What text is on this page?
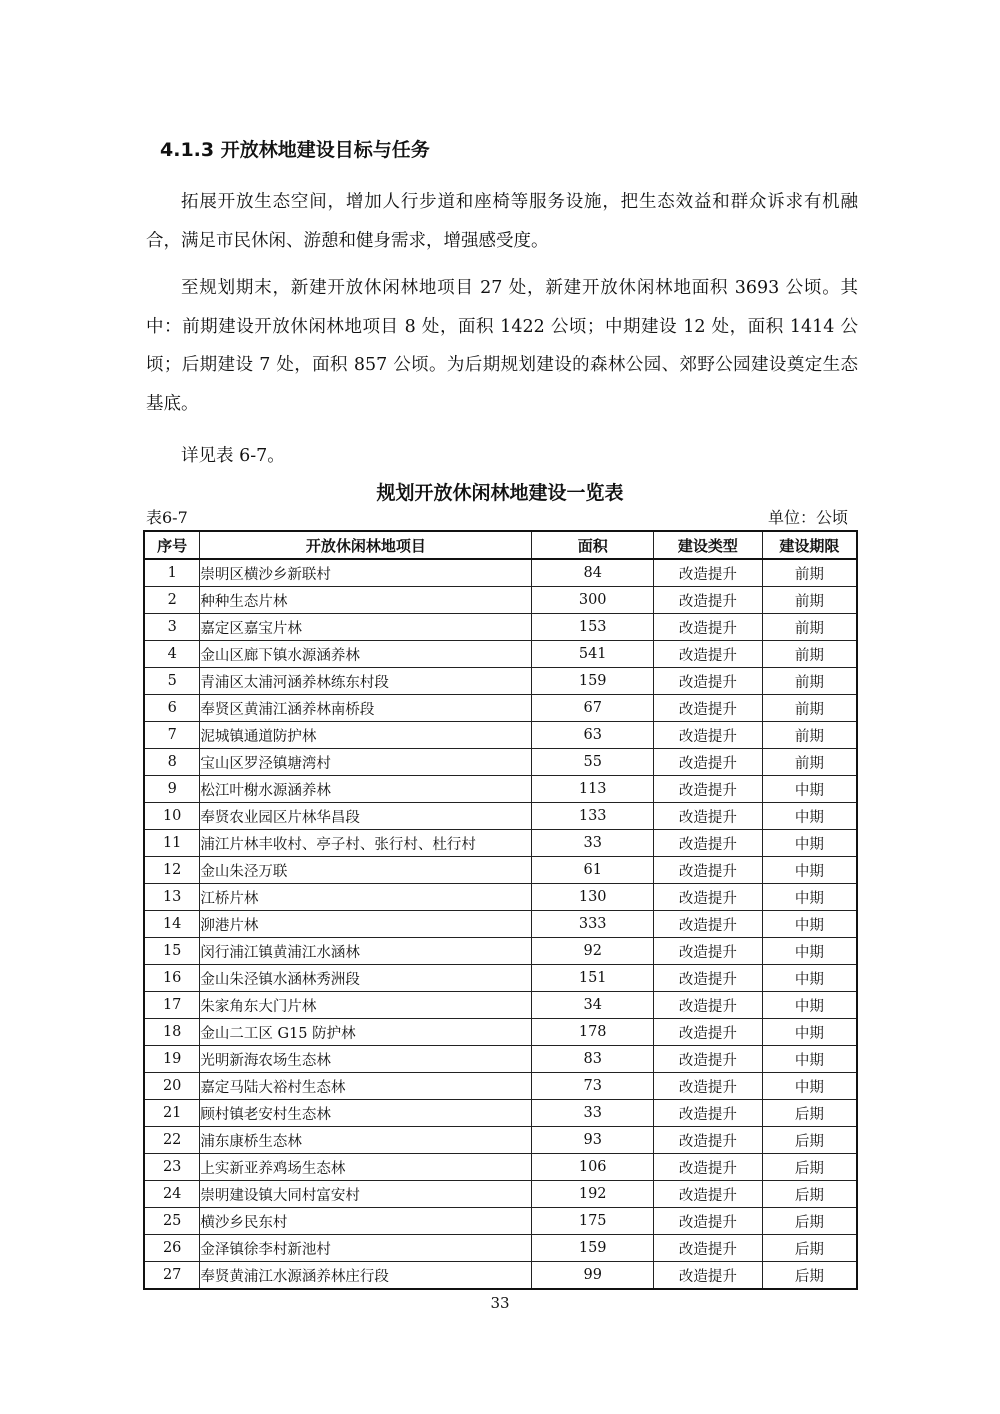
4.1.3 开放林地建设目标与任务

拓展开放生态空间，增加人行步道和座椅等服务设施，把生态效益和群众诉求有机融合，满足市民休闲、游憩和健身需求，增强感受度。

至规划期末，新建开放休闲林地项目 27 处，新建开放休闲林地面积 3693 公顷。其中：前期建设开放休闲林地项目 8 处，面积 1422 公顷；中期建设 12 处，面积 1414 公顷；后期建设 7 处，面积 857 公顷。为后期规划建设的森林公园、郊野公园建设奠定生态基底。

详见表 6-7。

规划开放休闲林地建设一览表
表6-7	单位：公顷
序号	开放休闲林地项目	面积	建设类型	建设期限
1	崇明区横沙乡新联村	84	改造提升	前期
2	种种生态片林	300	改造提升	前期
3	嘉定区嘉宝片林	153	改造提升	前期
4	金山区廊下镇水源涵养林	541	改造提升	前期
5	青浦区太浦河涵养林练东村段	159	改造提升	前期
6	奉贤区黄浦江涵养林南桥段	67	改造提升	前期
7	泥城镇通道防护林	63	改造提升	前期
8	宝山区罗泾镇塘湾村	55	改造提升	前期
9	松江叶榭水源涵养林	113	改造提升	中期
10	奉贤农业园区片林华昌段	133	改造提升	中期
11	浦江片林丰收村、亭子村、张行村、杜行村	33	改造提升	中期
12	金山朱泾万联	61	改造提升	中期
13	江桥片林	130	改造提升	中期
14	泖港片林	333	改造提升	中期
15	闵行浦江镇黄浦江水涵林	92	改造提升	中期
16	金山朱泾镇水涵林秀洲段	151	改造提升	中期
17	朱家角东大门片林	34	改造提升	中期
18	金山二工区 G15 防护林	178	改造提升	中期
19	光明新海农场生态林	83	改造提升	中期
20	嘉定马陆大裕村生态林	73	改造提升	中期
21	顾村镇老安村生态林	33	改造提升	后期
22	浦东康桥生态林	93	改造提升	后期
23	上实新亚养鸡场生态林	106	改造提升	后期
24	崇明建设镇大同村富安村	192	改造提升	后期
25	横沙乡民东村	175	改造提升	后期
26	金泽镇徐李村新池村	159	改造提升	后期
27	奉贤黄浦江水源涵养林庄行段	99	改造提升	后期
33
